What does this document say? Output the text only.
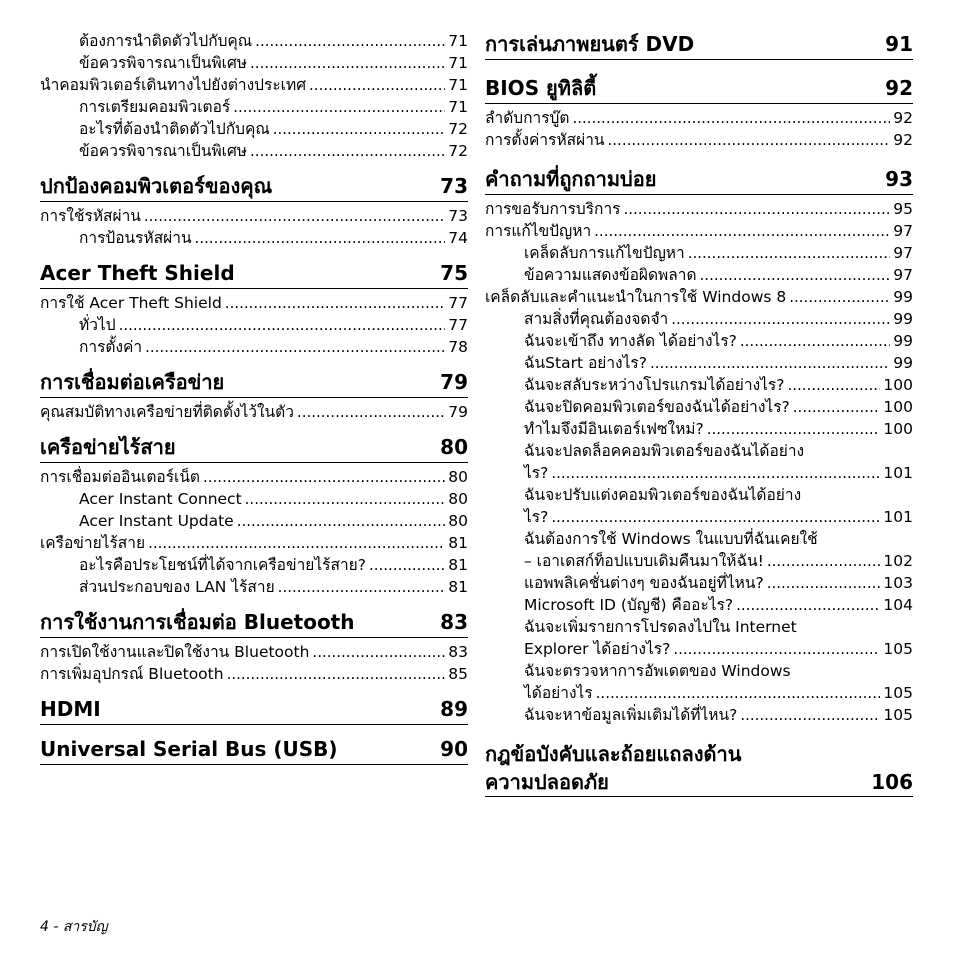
ต้องการนำติดตัวไปกับคุณ .....	71
ข้อควรพิจารณาเป็นพิเศษ .....	71
นำคอมพิวเตอร์เดินทางไปยังต่างประเทศ .....	71
การเตรียมคอมพิวเตอร์ .....	71
อะไรที่ต้องนำติดตัวไปกับคุณ .....	72
ข้อควรพิจารณาเป็นพิเศษ .....	72
ปกป้องคอมพิวเตอร์ของคุณ	73
การใช้รหัสผ่าน .....	73
การป้อนรหัสผ่าน .....	74
Acer Theft Shield	75
การใช้ Acer Theft Shield .....	77
ทั่วไป .....	77
การตั้งค่า .....	78
การเชื่อมต่อเครือข่าย	79
คุณสมบัติทางเครือข่ายที่ติดตั้งไว้ในตัว .....	79
เครือข่ายไร้สาย	80
การเชื่อมต่ออินเตอร์เน็ต .....	80
Acer Instant Connect .....	80
Acer Instant Update .....	80
เครือข่ายไร้สาย .....	81
อะไรคือประโยชน์ที่ได้จากเครือข่ายไร้สาย? .....	81
ส่วนประกอบของ LAN ไร้สาย .....	81
การใช้งานการเชื่อมต่อ Bluetooth	83
การเปิดใช้งานและปิดใช้งาน Bluetooth .....	83
การเพิ่มอุปกรณ์ Bluetooth .....	85
HDMI	89
Universal Serial Bus (USB)	90
การเล่นภาพยนตร์ DVD	91
BIOS ยูทิลิตี้	92
ลำดับการบู๊ต .....	92
การตั้งค่ารหัสผ่าน .....	92
คำถามที่ถูกถามบ่อย	93
การขอรับการบริการ .....	95
การแก้ไขปัญหา .....	97
เคล็ดลับการแก้ไขปัญหา .....	97
ข้อความแสดงข้อผิดพลาด .....	97
เคล็ดลับและคำแนะนำในการใช้ Windows 8 .....	99
สามสิ่งที่คุณต้องจดจำ .....	99
ฉันจะเข้าถึง ทางลัด ได้อย่างไร? .....	99
ฉันStart อย่างไร? .....	99
ฉันจะสลับระหว่างโปรแกรมได้อย่างไร? .....	100
ฉันจะปิดคอมพิวเตอร์ของฉันได้อย่างไร? .....	100
ทำไมจึงมีอินเตอร์เฟซใหม่? .....	100
ฉันจะปลดล็อคคอมพิวเตอร์ของฉันได้อย่าง
ไร? .....	101
ฉันจะปรับแต่งคอมพิวเตอร์ของฉันได้อย่าง
ไร? .....	101
ฉันต้องการใช้ Windows ในแบบที่ฉันเคยใช้
– เอาเดสก์ท็อปแบบเดิมคืนมาให้ฉัน! .....	102
แอพพลิเคชั่นต่างๆ ของฉันอยู่ที่ไหน? .....	103
Microsoft ID (บัญชี) คืออะไร? .....	104
ฉันจะเพิ่มรายการโปรดลงไปใน Internet
Explorer ได้อย่างไร? .....	105
ฉันจะตรวจหาการอัพเดตของ Windows
ได้อย่างไร .....	105
ฉันจะหาข้อมูลเพิ่มเติมได้ที่ไหน? .....	105
กฎข้อบังคับและถ้อยแถลงด้าน
ความปลอดภัย	106
4 - สารบัญ
